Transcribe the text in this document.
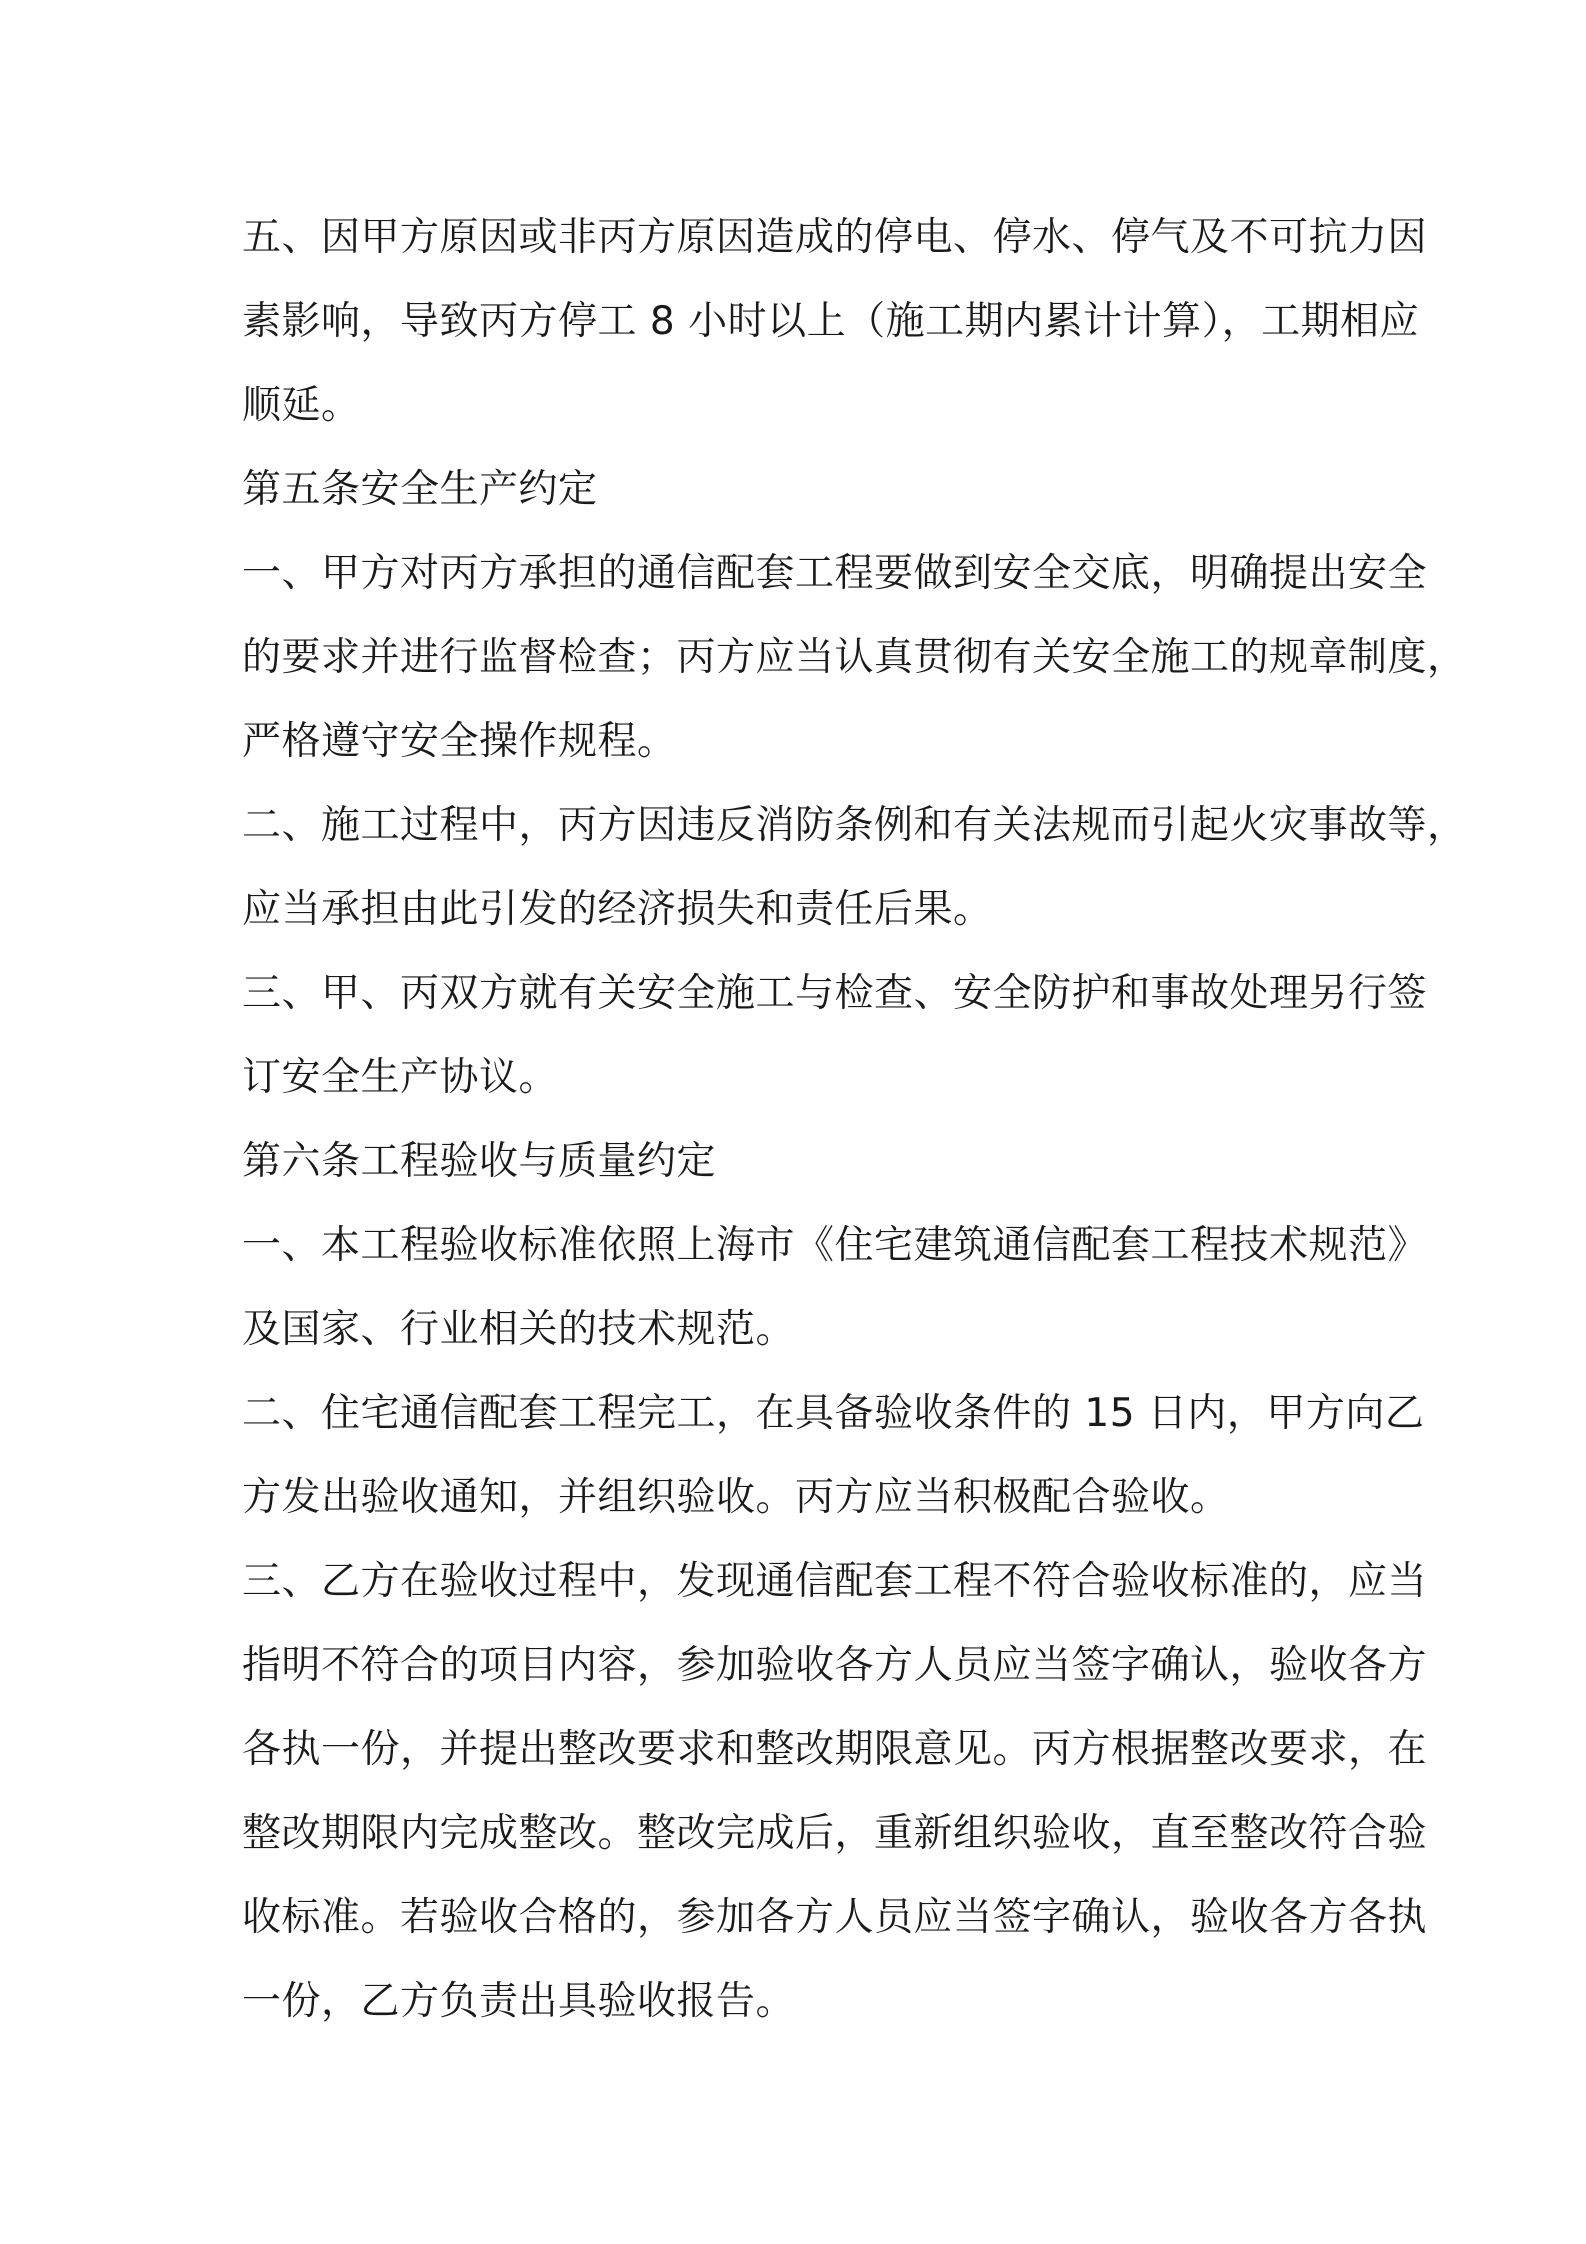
五、因甲方原因或非丙方原因造成的停电、停水、停气及不可抗力因
素影响，导致丙方停工 8 小时以上（施工期内累计计算），工期相应
顺延。
第五条安全生产约定
一、甲方对丙方承担的通信配套工程要做到安全交底，明确提出安全
的要求并进行监督检查；丙方应当认真贯彻有关安全施工的规章制度，
严格遵守安全操作规程。
二、施工过程中，丙方因违反消防条例和有关法规而引起火灾事故等，
应当承担由此引发的经济损失和责任后果。
三、甲、丙双方就有关安全施工与检查、安全防护和事故处理另行签
订安全生产协议。
第六条工程验收与质量约定
一、本工程验收标准依照上海市《住宅建筑通信配套工程技术规范》
及国家、行业相关的技术规范。
二、住宅通信配套工程完工，在具备验收条件的 15 日内，甲方向乙
方发出验收通知，并组织验收。丙方应当积极配合验收。
三、乙方在验收过程中，发现通信配套工程不符合验收标准的，应当
指明不符合的项目内容，参加验收各方人员应当签字确认，验收各方
各执一份，并提出整改要求和整改期限意见。丙方根据整改要求，在
整改期限内完成整改。整改完成后，重新组织验收，直至整改符合验
收标准。若验收合格的，参加各方人员应当签字确认，验收各方各执
一份，乙方负责出具验收报告。
